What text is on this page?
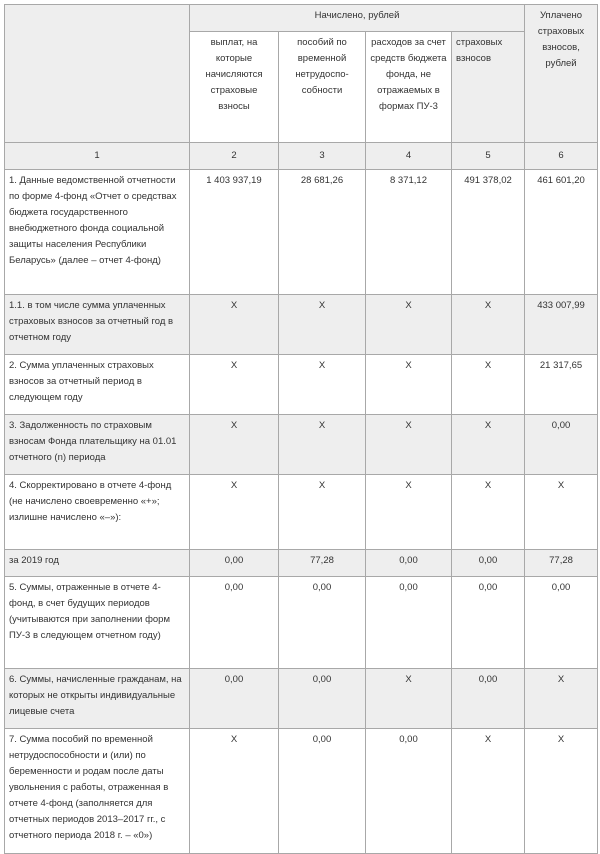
	Начислено, рублей				Уплачено страховых взносов, рублей
	выплат, на которые начисляются страховые взносы	пособий по временной нетрудоспособности	расходов за счет средств бюджета фонда, не отражаемых в формах ПУ-3	страховых взносов	
1	2	3	4	5	6
1. Данные ведомственной отчетности по форме 4-фонд «Отчет о средствах бюджета государственного внебюджетного фонда социальной защиты населения Республики Беларусь» (далее – отчет 4-фонд)	1 403 937,19	28 681,26	8 371,12	491 378,02	461 601,20
1.1. в том числе сумма уплаченных страховых взносов за отчетный год в отчетном году	Х	Х	Х	Х	433 007,99
2. Сумма уплаченных страховых взносов за отчетный период в следующем году	Х	Х	Х	Х	21 317,65
3. Задолженность по страховым взносам Фонда плательщику на 01.01 отчетного (n) периода	Х	Х	Х	Х	0,00
4. Скорректировано в отчете 4-фонд (не начислено своевременно «+»; излишне начислено «–»):	Х	Х	Х	Х	Х
за 2019 год	0,00	77,28	0,00	0,00	77,28
5. Суммы, отраженные в отчете 4-фонд, в счет будущих периодов (учитываются при заполнении форм ПУ-3 в следующем отчетном году)	0,00	0,00	0,00	0,00	0,00
6. Суммы, начисленные гражданам, на которых не открыты индивидуальные лицевые счета	0,00	0,00	Х	0,00	Х
7. Сумма пособий по временной нетрудоспособности и (или) по беременности и родам после даты увольнения с работы, отраженная в отчете 4-фонд (заполняется для отчетных периодов 2013–2017 гг., с отчетного периода 2018 г. – «0»)	Х	0,00	0,00	Х	Х
